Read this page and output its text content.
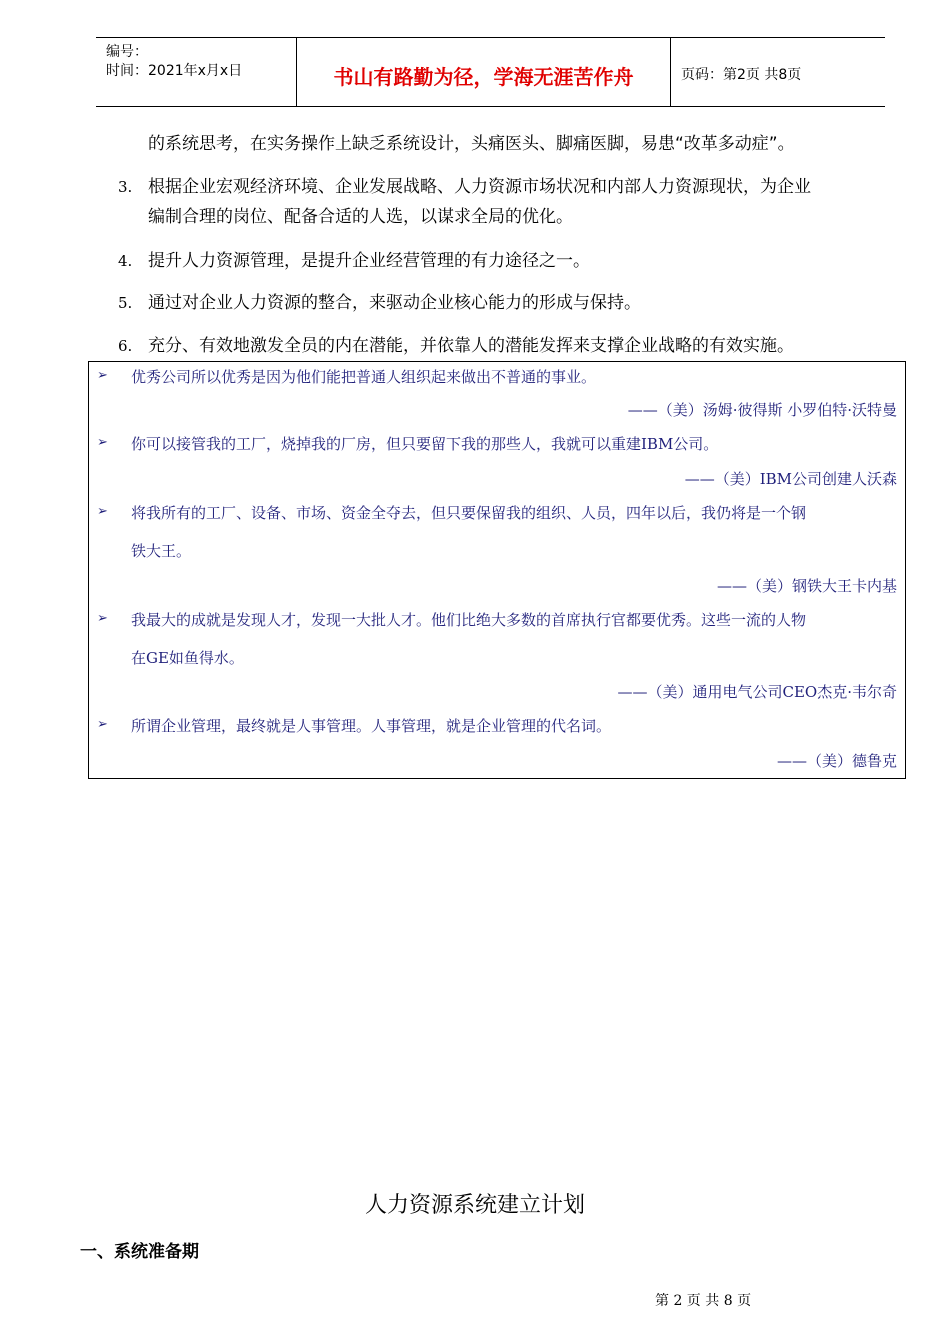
编号：
时间：2021年x月x日	书山有路勤为径，学海无涯苦作舟	页码：第2页 共8页
的系统思考，在实务操作上缺乏系统设计，头痛医头、脚痛医脚，易患“改革多动症”。
3. 根据企业宏观经济环境、企业发展战略、人力资源市场状况和内部人力资源现状，为企业
编制合理的岗位、配备合适的人选，以谋求全局的优化。
4. 提升人力资源管理，是提升企业经营管理的有力途径之一。
5. 通过对企业人力资源的整合，来驱动企业核心能力的形成与保持。
6. 充分、有效地激发全员的内在潜能，并依靠人的潜能发挥来支撑企业战略的有效实施。
➢ 优秀公司所以优秀是因为他们能把普通人组织起来做出不普通的事业。
——（美）汤姆·彼得斯 小罗伯特·沃特曼
➢ 你可以接管我的工厂，烧掉我的厂房，但只要留下我的那些人，我就可以重建IBM公司。
——（美）IBM公司创建人沃森
➢ 将我所有的工厂、设备、市场、资金全夺去，但只要保留我的组织、人员，四年以后，我仍将是一个钢
铁大王。
——（美）钢铁大王卡内基
➢ 我最大的成就是发现人才，发现一大批人才。他们比绝大多数的首席执行官都要优秀。这些一流的人物
在GE如鱼得水。
——（美）通用电气公司CEO杰克·韦尔奇
➢ 所谓企业管理，最终就是人事管理。人事管理，就是企业管理的代名词。
——（美）德鲁克
人力资源系统建立计划
一、系统准备期
第 2 页 共 8 页
